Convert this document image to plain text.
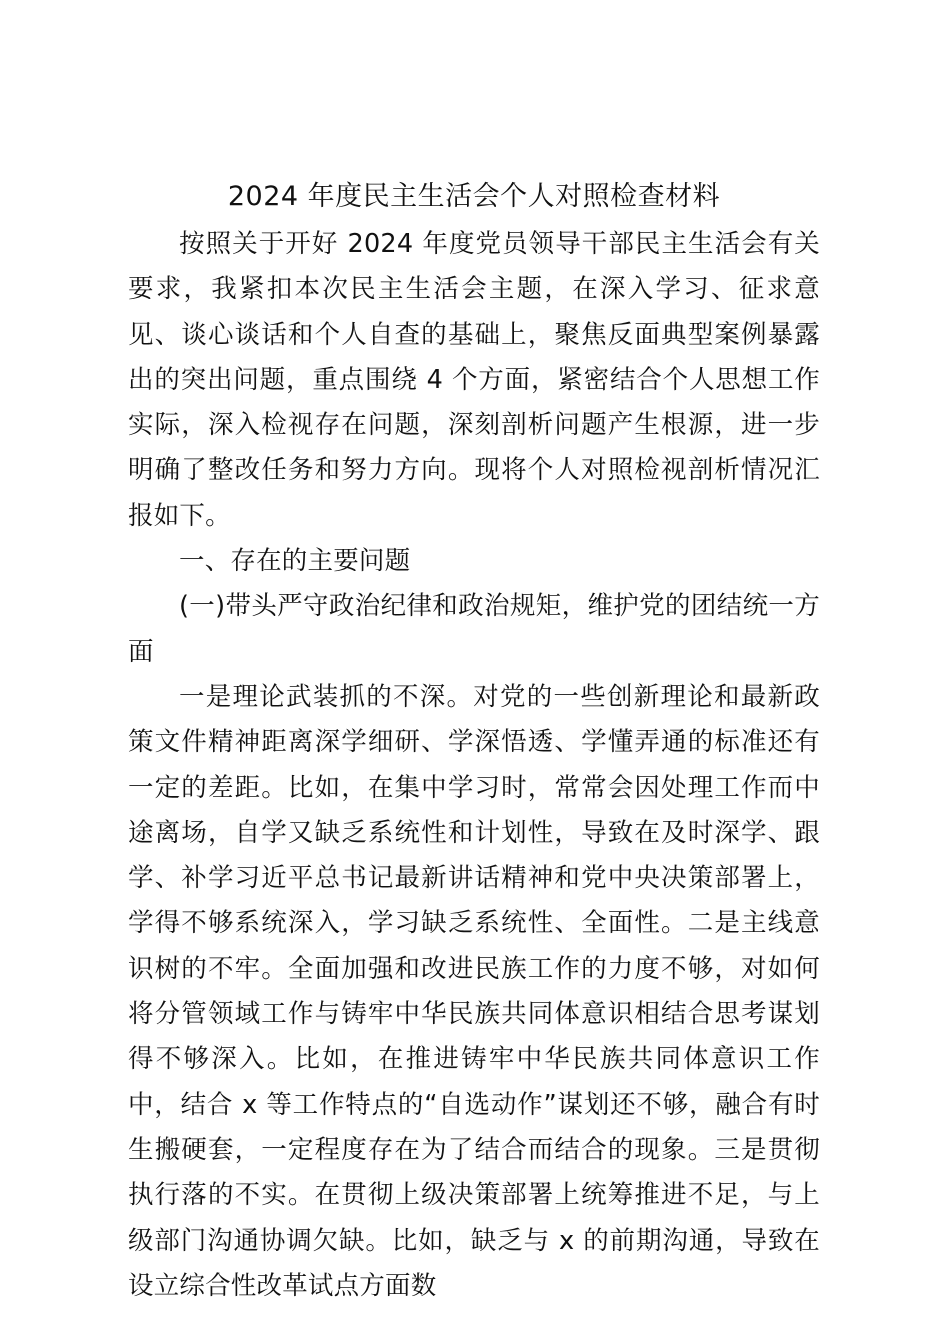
2024 年度民主生活会个人对照检查材料

按照关于开好 2024 年度党员领导干部民主生活会有关要求，我紧扣本次民主生活会主题，在深入学习、征求意见、谈心谈话和个人自查的基础上，聚焦反面典型案例暴露出的突出问题，重点围绕 4 个方面，紧密结合个人思想工作实际，深入检视存在问题，深刻剖析问题产生根源，进一步明确了整改任务和努力方向。现将个人对照检视剖析情况汇报如下。

一、存在的主要问题

(一)带头严守政治纪律和政治规矩，维护党的团结统一方面

一是理论武装抓的不深。对党的一些创新理论和最新政策文件精神距离深学细研、学深悟透、学懂弄通的标准还有一定的差距。比如，在集中学习时，常常会因处理工作而中途离场，自学又缺乏系统性和计划性，导致在及时深学、跟学、补学习近平总书记最新讲话精神和党中央决策部署上，学得不够系统深入，学习缺乏系统性、全面性。二是主线意识树的不牢。全面加强和改进民族工作的力度不够，对如何将分管领域工作与铸牢中华民族共同体意识相结合思考谋划得不够深入。比如，在推进铸牢中华民族共同体意识工作中，结合 x 等工作特点的“自选动作”谋划还不够，融合有时生搬硬套，一定程度存在为了结合而结合的现象。三是贯彻执行落的不实。在贯彻上级决策部署上统筹推进不足，与上级部门沟通协调欠缺。比如，缺乏与 x 的前期沟通，导致在设立综合性改革试点方面数
